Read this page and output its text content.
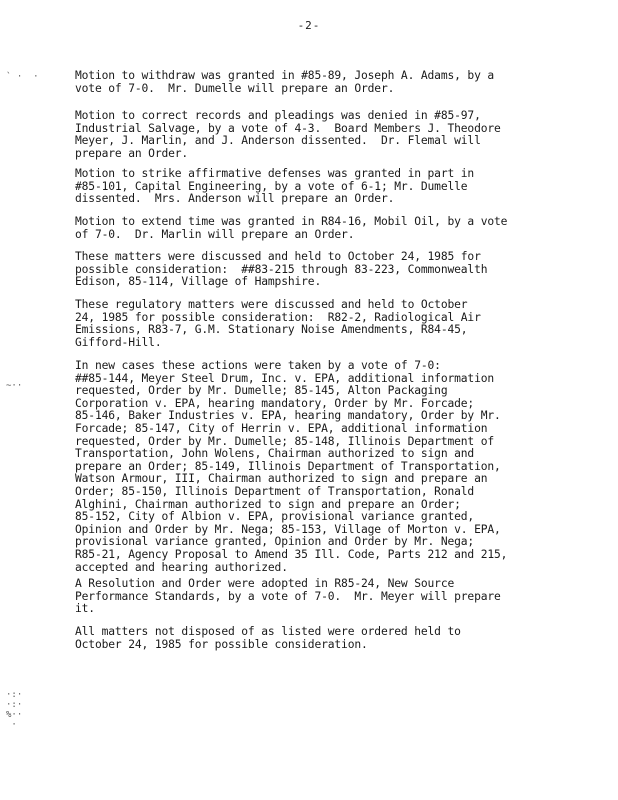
-2-
` ·  ·
~··
·:·
·:·
%··
·

Motion to withdraw was granted in #85-89, Joseph A. Adams, by a
vote of 7-0.  Mr. Dumelle will prepare an Order.

Motion to correct records and pleadings was denied in #85-97,
Industrial Salvage, by a vote of 4-3.  Board Members J. Theodore
Meyer, J. Marlin, and J. Anderson dissented.  Dr. Flemal will
prepare an Order.

Motion to strike affirmative defenses was granted in part in
#85-101, Capital Engineering, by a vote of 6-1; Mr. Dumelle
dissented.  Mrs. Anderson will prepare an Order.

Motion to extend time was granted in R84-16, Mobil Oil, by a vote
of 7-0.  Dr. Marlin will prepare an Order.

These matters were discussed and held to October 24, 1985 for
possible consideration:  ##83-215 through 83-223, Commonwealth
Edison, 85-114, Village of Hampshire.

These regulatory matters were discussed and held to October
24, 1985 for possible consideration:  R82-2, Radiological Air
Emissions, R83-7, G.M. Stationary Noise Amendments, R84-45,
Gifford-Hill.

In new cases these actions were taken by a vote of 7-0:
##85-144, Meyer Steel Drum, Inc. v. EPA, additional information
requested, Order by Mr. Dumelle; 85-145, Alton Packaging
Corporation v. EPA, hearing mandatory, Order by Mr. Forcade;
85-146, Baker Industries v. EPA, hearing mandatory, Order by Mr.
Forcade; 85-147, City of Herrin v. EPA, additional information
requested, Order by Mr. Dumelle; 85-148, Illinois Department of
Transportation, John Wolens, Chairman authorized to sign and
prepare an Order; 85-149, Illinois Department of Transportation,
Watson Armour, III, Chairman authorized to sign and prepare an
Order; 85-150, Illinois Department of Transportation, Ronald
Alghini, Chairman authorized to sign and prepare an Order;
85-152, City of Albion v. EPA, provisional variance granted,
Opinion and Order by Mr. Nega; 85-153, Village of Morton v. EPA,
provisional variance granted, Opinion and Order by Mr. Nega;
R85-21, Agency Proposal to Amend 35 Ill. Code, Parts 212 and 215,
accepted and hearing authorized.

A Resolution and Order were adopted in R85-24, New Source
Performance Standards, by a vote of 7-0.  Mr. Meyer will prepare
it.

All matters not disposed of as listed were ordered held to
October 24, 1985 for possible consideration.
